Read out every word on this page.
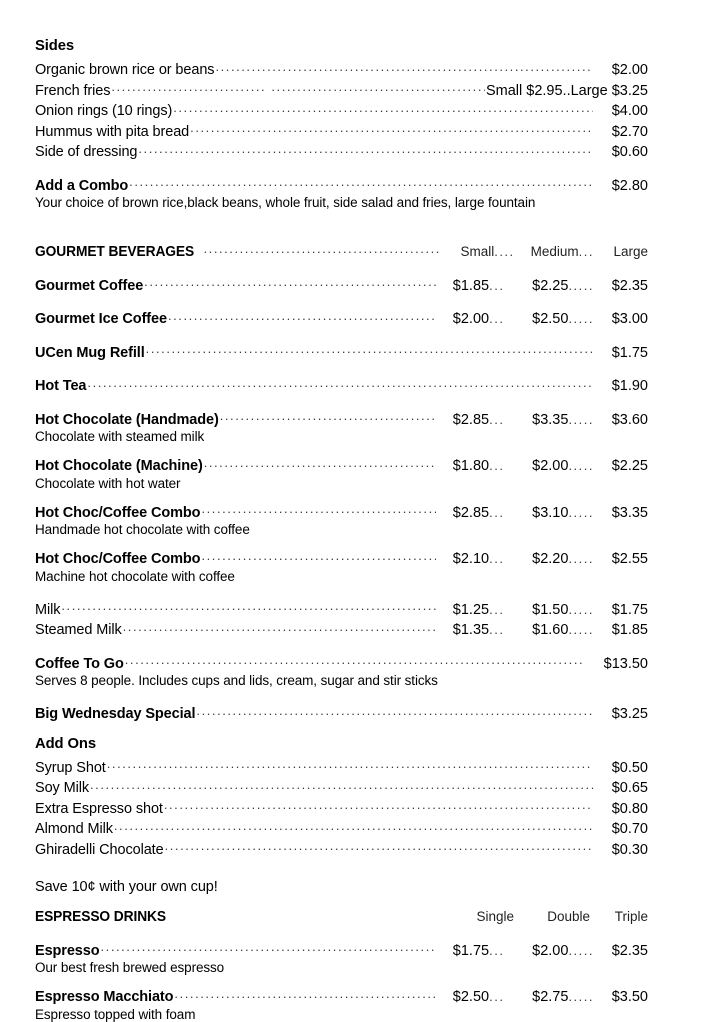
Sides
Organic brown rice or beans .....	$2.00
French fries .....	Small $2.95..Large $3.25
Onion rings (10 rings) .....	$4.00
Hummus with pita bread .....	$2.70
Side of dressing .....	$0.60
Add a Combo .....	$2.80
Your choice of brown rice,black beans, whole fruit, side salad and fries, large fountain
GOURMET BEVERAGES .....	Small ....	Medium ...	Large
Gourmet Coffee .....	$1.85 ...	$2.25 .....	$2.35
Gourmet Ice Coffee .....	$2.00 ...	$2.50 .....	$3.00
UCen Mug Refill .....	$1.75
Hot Tea .....	$1.90
Hot Chocolate (Handmade) .....	$2.85 ...	$3.35 .....	$3.60
Chocolate with steamed milk
Hot Chocolate (Machine) .....	$1.80 ...	$2.00 .....	$2.25
Chocolate with hot water
Hot Choc/Coffee Combo .....	$2.85 ...	$3.10 .....	$3.35
Handmade hot chocolate with coffee
Hot Choc/Coffee Combo .....	$2.10 ...	$2.20 .....	$2.55
Machine hot chocolate with coffee
Milk .....	$1.25 ...	$1.50 .....	$1.75
Steamed Milk .....	$1.35 ...	$1.60 .....	$1.85
Coffee To Go .....	$13.50
Serves 8 people. Includes cups and lids, cream, sugar and stir sticks
Big Wednesday Special .....	$3.25
Add Ons
Syrup Shot .....	$0.50
Soy Milk .....	$0.65
Extra Espresso shot .....	$0.80
Almond Milk .....	$0.70
Ghiradelli Chocolate .....	$0.30
Save 10¢ with your own cup!
ESPRESSO DRINKS	Single	Double	Triple
Espresso .....	$1.75 ...	$2.00 .....	$2.35
Our best fresh brewed espresso
Espresso Macchiato .....	$2.50 ...	$2.75 .....	$3.50
Espresso topped with foam
